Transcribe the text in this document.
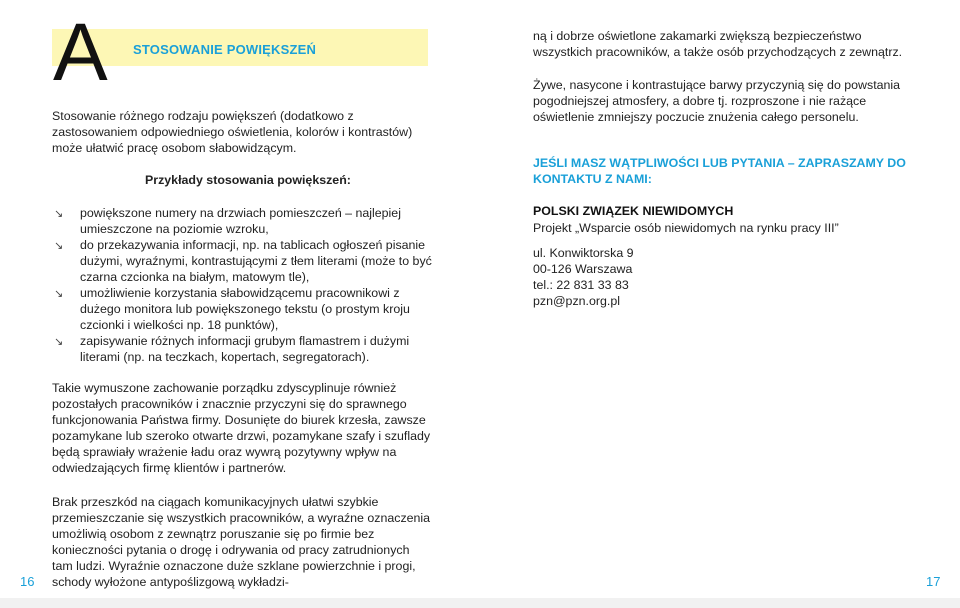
A STOSOWANIE POWIĘKSZEŃ

Stosowanie różnego rodzaju powiększeń (dodatkowo z zastosowaniem odpowiedniego oświetlenia, kolorów i kontrastów) może ułatwić pracę osobom słabowidzącym.

Przykłady stosowania powiększeń:
↘ powiększone numery na drzwiach pomieszczeń – najlepiej umieszczone na poziomie wzroku,
↘ do przekazywania informacji, np. na tablicach ogłoszeń pisanie dużymi, wyraźnymi, kontrastującymi z tłem literami (może to być czarna czcionka na białym, matowym tle),
↘ umożliwienie korzystania słabowidzącemu pracownikowi z dużego monitora lub powiększonego tekstu (o prostym kroju czcionki i wielkości np. 18 punktów),
↘ zapisywanie różnych informacji grubym flamastrem i dużymi literami (np. na teczkach, kopertach, segregatorach).

Takie wymuszone zachowanie porządku zdyscyplinuje również pozostałych pracowników i znacznie przyczyni się do sprawnego funkcjonowania Państwa firmy. Dosunięte do biurek krzesła, zawsze pozamykane lub szeroko otwarte drzwi, pozamykane szafy i szuflady będą sprawiały wrażenie ładu oraz wywrą pozytywny wpływ na odwiedzających firmę klientów i partnerów.

Brak przeszkód na ciągach komunikacyjnych ułatwi szybkie przemieszczanie się wszystkich pracowników, a wyraźne oznaczenia umożliwią osobom z zewnątrz poruszanie się po firmie bez konieczności pytania o drogę i odrywania od pracy zatrudnionych tam ludzi. Wyraźnie oznaczone duże szklane powierzchnie i progi, schody wyłożone antypoślizgową wykładzi-

16

ną i dobrze oświetlone zakamarki zwiększą bezpieczeństwo wszystkich pracowników, a także osób przychodzących z zewnątrz.

Żywe, nasycone i kontrastujące barwy przyczynią się do powstania pogodniejszej atmosfery, a dobre tj. rozproszone i nie rażące oświetlenie zmniejszy poczucie znużenia całego personelu.

JEŚLI MASZ WĄTPLIWOŚCI LUB PYTANIA – ZAPRASZAMY DO KONTAKTU Z NAMI:
POLSKI ZWIĄZEK NIEWIDOMYCH
Projekt „Wsparcie osób niewidomych na rynku pracy III”
ul. Konwiktorska 9
00-126 Warszawa
tel.: 22 831 33 83
pzn@pzn.org.pl
17
